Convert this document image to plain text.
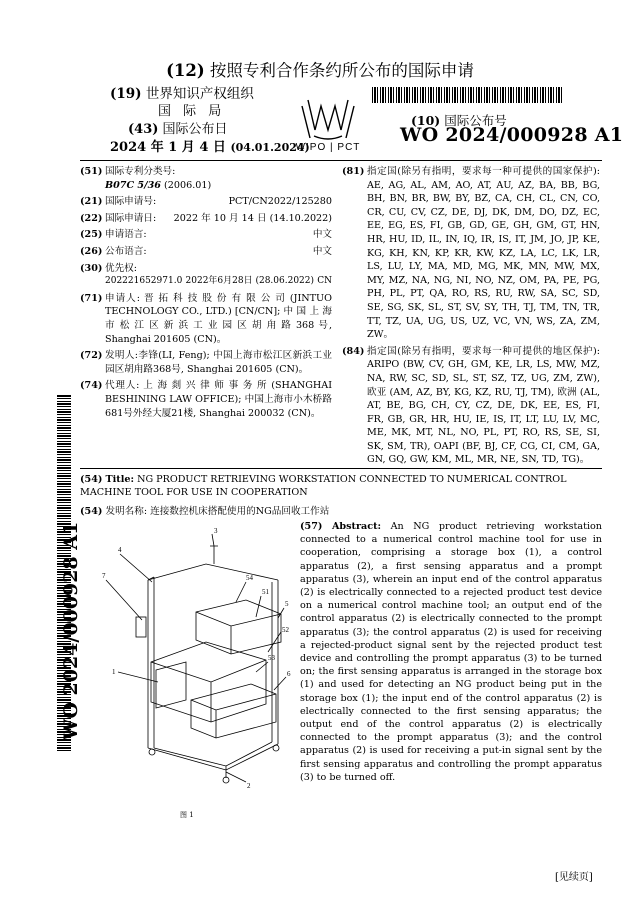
(12) 按照专利合作条约所公布的国际申请
(19) 世界知识产权组织
国 际 局
WIPO | PCT
(10) 国际公布号
WO 2024/000928 A1
(43) 国际公布日
2024 年 1 月 4 日 (04.01.2024)
(51) 国际专利分类号:
B07C 5/36 (2006.01)
(21) 国际申请号:	PCT/CN2022/125280
(22) 国际申请日: 2022 年 10 月 14 日 (14.10.2022)
(25) 申请语言:	中文
(26) 公布语言:	中文
(30) 优先权:
202221652971.0 2022年6月28日 (28.06.2022) CN
(71) 申请人: 晋 拓 科 技 股 份 有 限 公 司 (JINTUO TECHNOLOGY CO., LTD.) [CN/CN]; 中 国 上 海 市 松 江 区 新 浜 工 业 园 区 胡 甪 路 368 号, Shanghai 201605 (CN)。
(72) 发明人:李锋(LI, Feng); 中国上海市松江区新浜工业园区胡甪路368号, Shanghai 201605 (CN)。
(74) 代理人: 上 海 剡 兴 律 师 事 务 所 (SHANGHAI BESHINING LAW OFFICE); 中国上海市小木桥路681号外经大厦21楼, Shanghai 200032 (CN)。
(81) 指定国(除另有指明，要求每一种可提供的国家保护): AE, AG, AL, AM, AO, AT, AU, AZ, BA, BB, BG, BH, BN, BR, BW, BY, BZ, CA, CH, CL, CN, CO, CR, CU, CV, CZ, DE, DJ, DK, DM, DO, DZ, EC, EE, EG, ES, FI, GB, GD, GE, GH, GM, GT, HN, HR, HU, ID, IL, IN, IQ, IR, IS, IT, JM, JO, JP, KE, KG, KH, KN, KP, KR, KW, KZ, LA, LC, LK, LR, LS, LU, LY, MA, MD, MG, MK, MN, MW, MX, MY, MZ, NA, NG, NI, NO, NZ, OM, PA, PE, PG, PH, PL, PT, QA, RO, RS, RU, RW, SA, SC, SD, SE, SG, SK, SL, ST, SV, SY, TH, TJ, TM, TN, TR, TT, TZ, UA, UG, US, UZ, VC, VN, WS, ZA, ZM, ZW。
(84) 指定国(除另有指明，要求每一种可提供的地区保护): ARIPO (BW, CV, GH, GM, KE, LR, LS, MW, MZ, NA, RW, SC, SD, SL, ST, SZ, TZ, UG, ZM, ZW), 欧亚 (AM, AZ, BY, KG, KZ, RU, TJ, TM), 欧洲 (AL, AT, BE, BG, CH, CY, CZ, DE, DK, EE, ES, FI, FR, GB, GR, HR, HU, IE, IS, IT, LT, LU, LV, MC, ME, MK, MT, NL, NO, PL, PT, RO, RS, SE, SI, SK, SM, TR), OAPI (BF, BJ, CF, CG, CI, CM, GA, GN, GQ, GW, KM, ML, MR, NE, SN, TD, TG)。
WO 2024/000928 A1
(54) Title: NG PRODUCT RETRIEVING WORKSTATION CONNECTED TO NUMERICAL CONTROL MACHINE TOOL FOR USE IN COOPERATION
(54) 发明名称: 连接数控机床搭配使用的NG品回收工作站
(57) Abstract: An NG product retrieving workstation connected to a numerical control machine tool for use in cooperation, comprising a storage box (1), a control apparatus (2), a first sensing apparatus and a prompt apparatus (3), wherein an input end of the control apparatus (2) is electrically connected to a rejected product test device on a numerical control machine tool; an output end of the control apparatus (2) is electrically connected to the prompt apparatus (3); the control apparatus (2) is used for receiving a rejected-product signal sent by the rejected product test device and controlling the prompt apparatus (3) to be turned on; the first sensing apparatus is arranged in the storage box (1) and used for detecting an NG product being put in the storage box (1); the input end of the control apparatus (2) is electrically connected to the first sensing apparatus; the output end of the control apparatus (2) is electrically connected to the prompt apparatus (3); and the control apparatus (2) is used for receiving a put-in signal sent by the first sensing apparatus and controlling the prompt apparatus (3) to be turned off.
3
4
7	54
51
5
52
53
6
1
2
图 1
[见续页]
